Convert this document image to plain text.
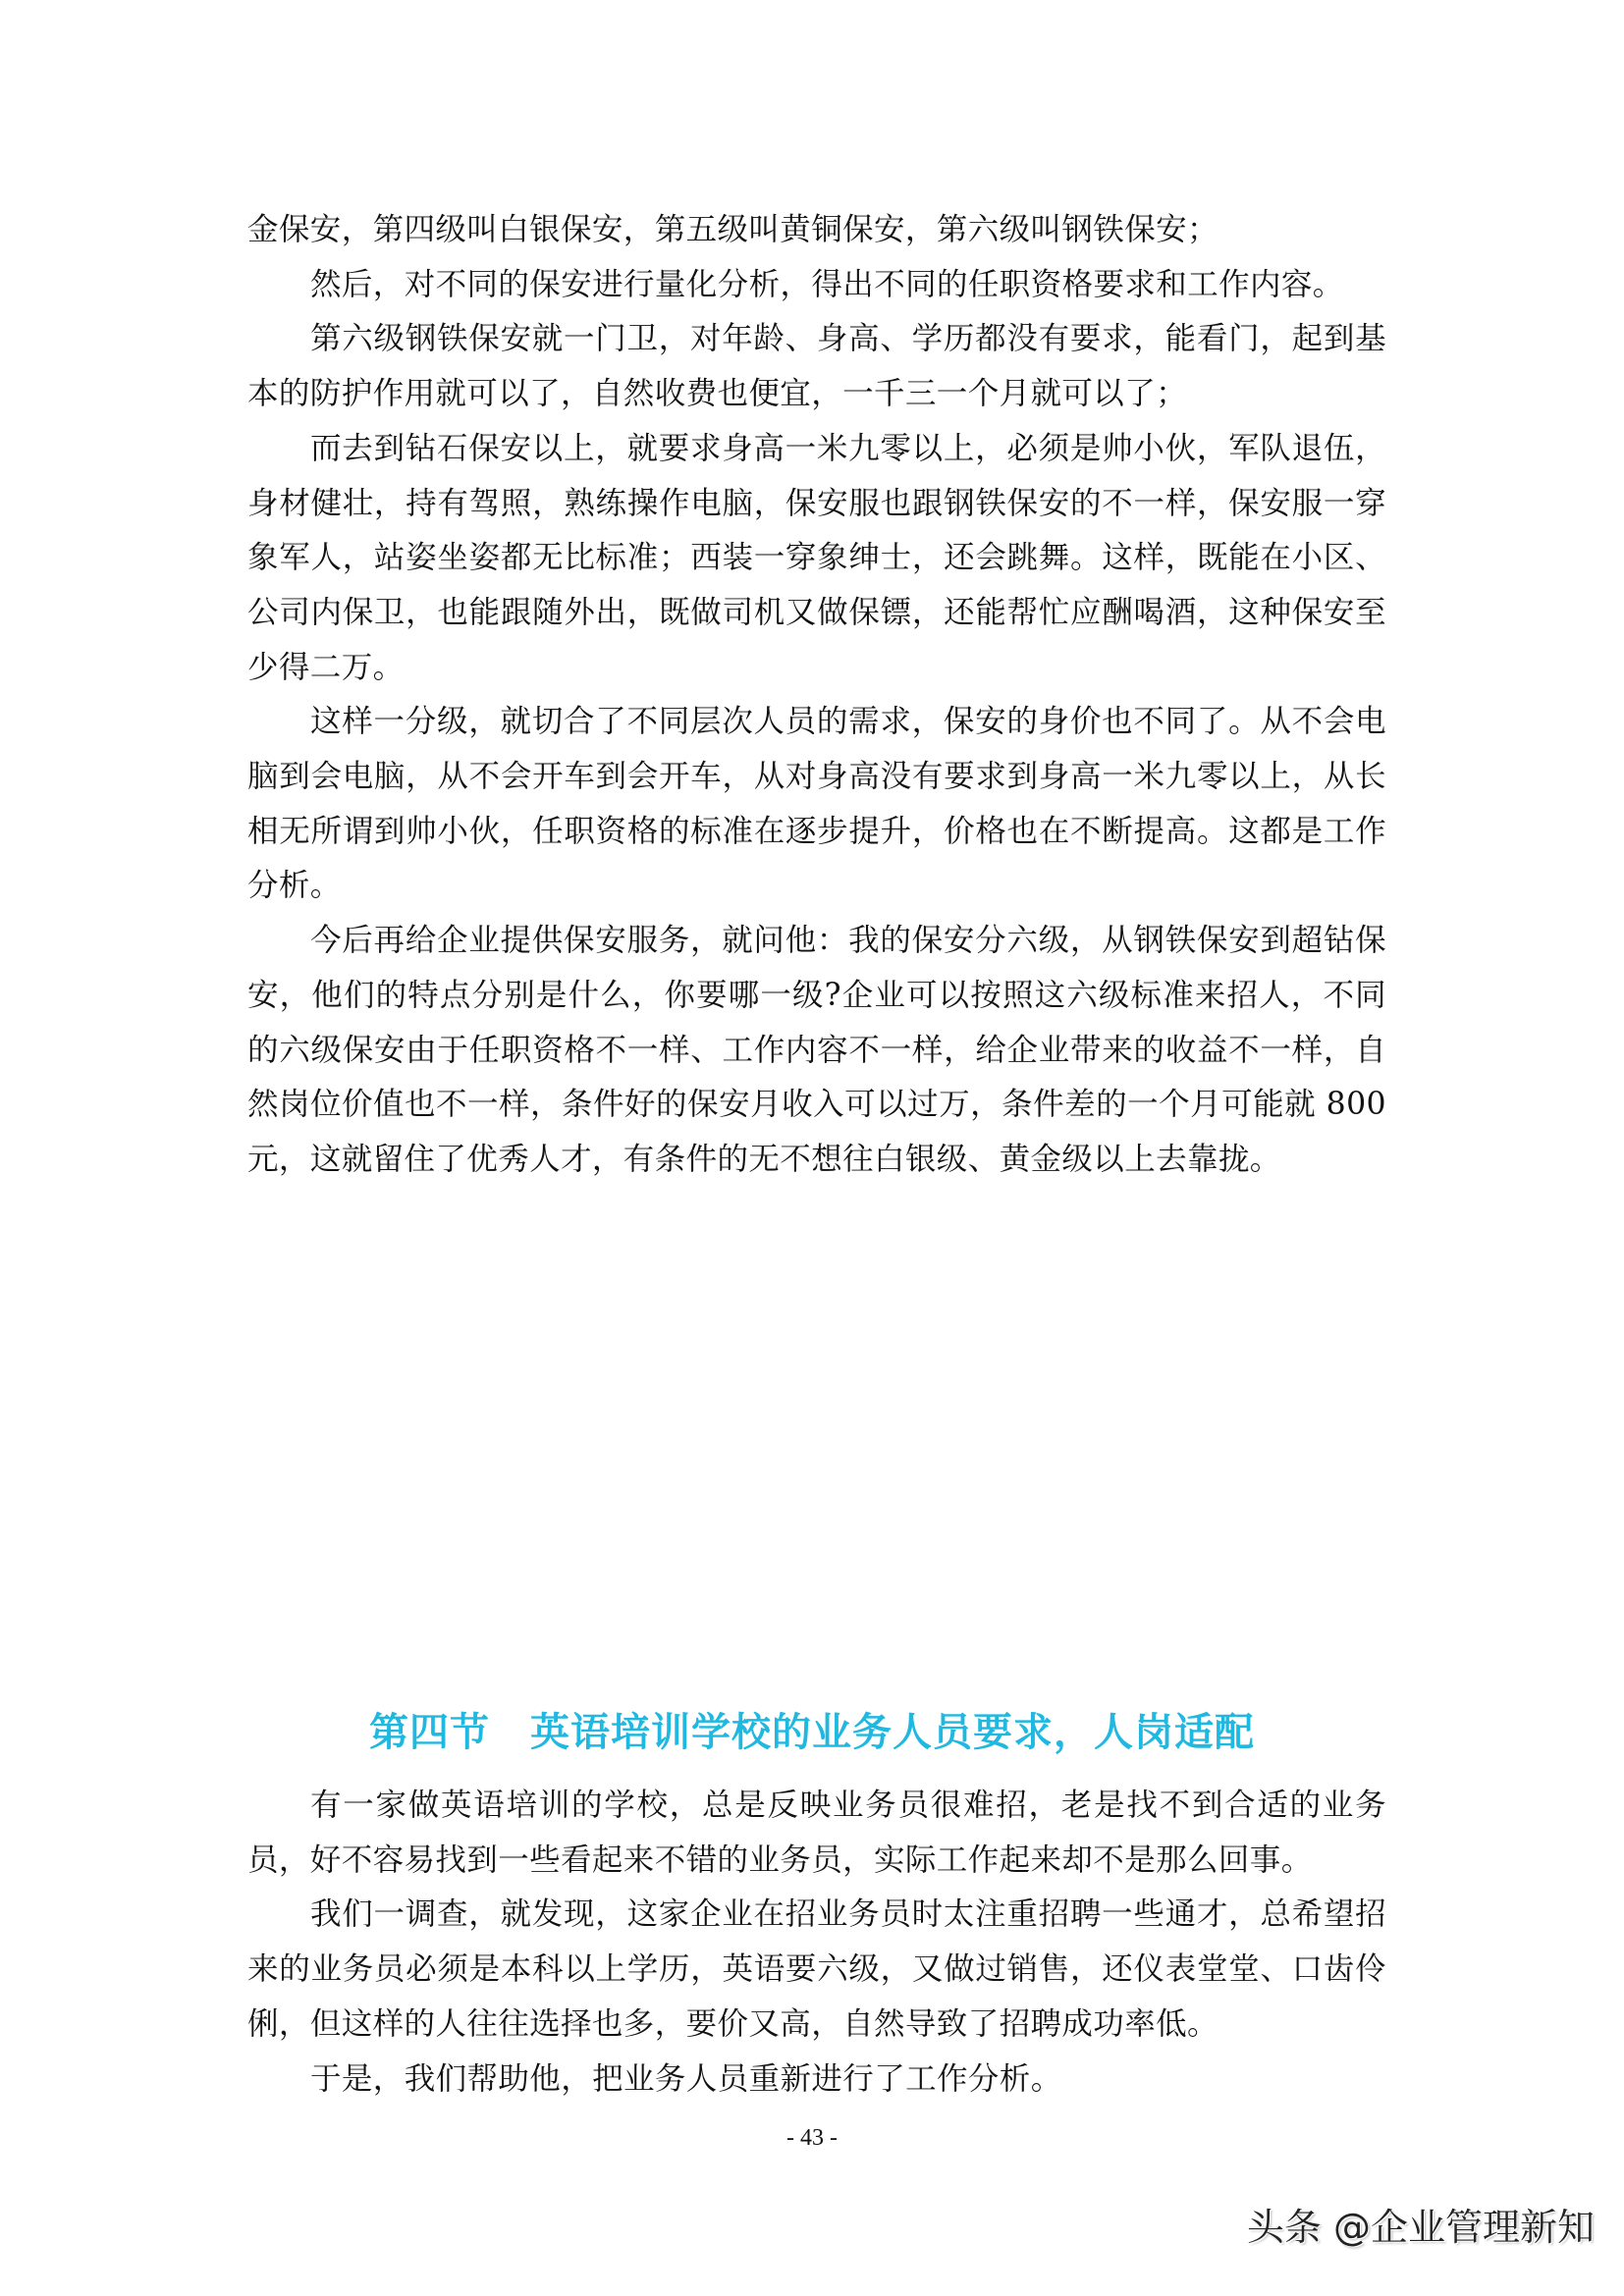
金保安，第四级叫白银保安，第五级叫黄铜保安，第六级叫钢铁保安；

然后，对不同的保安进行量化分析，得出不同的任职资格要求和工作内容。

第六级钢铁保安就一门卫，对年龄、身高、学历都没有要求，能看门，起到基本的防护作用就可以了，自然收费也便宜，一千三一个月就可以了；

而去到钻石保安以上，就要求身高一米九零以上，必须是帅小伙，军队退伍，身材健壮，持有驾照，熟练操作电脑，保安服也跟钢铁保安的不一样，保安服一穿象军人，站姿坐姿都无比标准；西装一穿象绅士，还会跳舞。这样，既能在小区、公司内保卫，也能跟随外出，既做司机又做保镖，还能帮忙应酬喝酒，这种保安至少得二万。

这样一分级，就切合了不同层次人员的需求，保安的身价也不同了。从不会电脑到会电脑，从不会开车到会开车，从对身高没有要求到身高一米九零以上，从长相无所谓到帅小伙，任职资格的标准在逐步提升，价格也在不断提高。这都是工作分析。

今后再给企业提供保安服务，就问他：我的保安分六级，从钢铁保安到超钻保安，他们的特点分别是什么，你要哪一级?企业可以按照这六级标准来招人，不同的六级保安由于任职资格不一样、工作内容不一样，给企业带来的收益不一样，自然岗位价值也不一样，条件好的保安月收入可以过万，条件差的一个月可能就 800 元，这就留住了优秀人才，有条件的无不想往白银级、黄金级以上去靠拢。

第四节　英语培训学校的业务人员要求，人岗适配

有一家做英语培训的学校，总是反映业务员很难招，老是找不到合适的业务员，好不容易找到一些看起来不错的业务员，实际工作起来却不是那么回事。

我们一调查，就发现，这家企业在招业务员时太注重招聘一些通才，总希望招来的业务员必须是本科以上学历，英语要六级，又做过销售，还仪表堂堂、口齿伶俐，但这样的人往往选择也多，要价又高，自然导致了招聘成功率低。

于是，我们帮助他，把业务人员重新进行了工作分析。

- 43 -
头条 @企业管理新知
